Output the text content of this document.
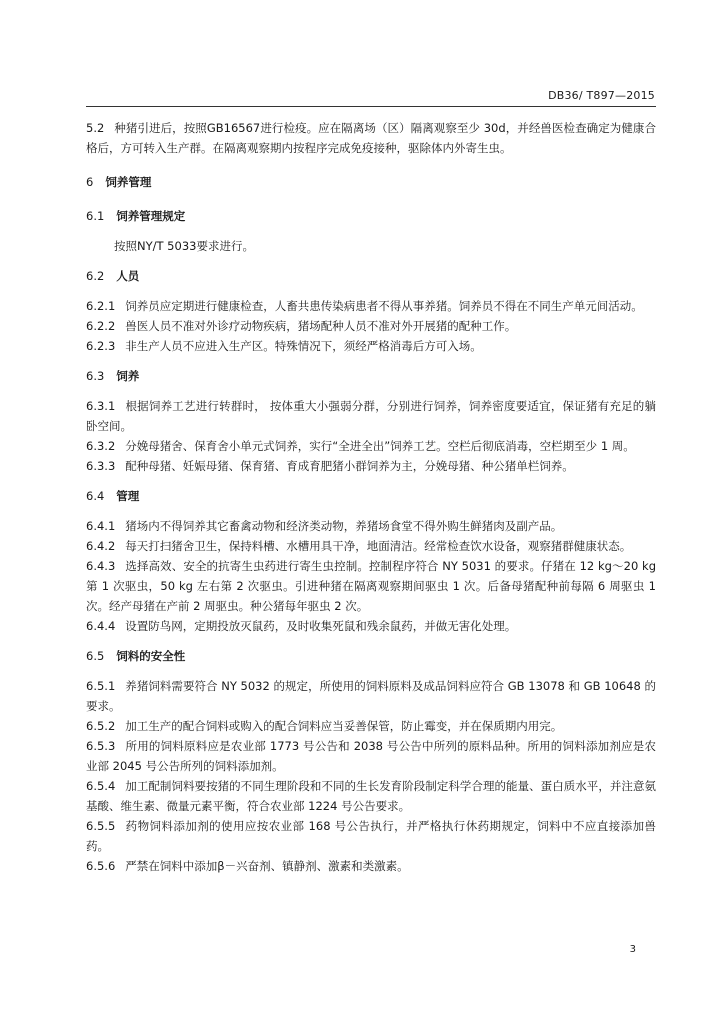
DB36/ T897—2015

5.2 种猪引进后，按照GB16567进行检疫。应在隔离场（区）隔离观察至少 30d，并经兽医检查确定为健康合格后，方可转入生产群。在隔离观察期内按程序完成免疫接种，驱除体内外寄生虫。

6 饲养管理

6.1 饲养管理规定

按照NY/T 5033要求进行。

6.2 人员

6.2.1 饲养员应定期进行健康检查，人畜共患传染病患者不得从事养猪。饲养员不得在不同生产单元间活动。

6.2.2 兽医人员不准对外诊疗动物疾病，猪场配种人员不准对外开展猪的配种工作。

6.2.3 非生产人员不应进入生产区。特殊情况下，须经严格消毒后方可入场。

6.3 饲养

6.3.1 根据饲养工艺进行转群时， 按体重大小强弱分群，分别进行饲养，饲养密度要适宜，保证猪有充足的躺卧空间。

6.3.2 分娩母猪舍、保育舍小单元式饲养，实行“全进全出”饲养工艺。空栏后彻底消毒，空栏期至少 1 周。

6.3.3 配种母猪、妊娠母猪、保育猪、育成育肥猪小群饲养为主，分娩母猪、种公猪单栏饲养。

6.4 管理

6.4.1 猪场内不得饲养其它畜禽动物和经济类动物，养猪场食堂不得外购生鲜猪肉及副产品。

6.4.2 每天打扫猪舍卫生，保持料槽、水槽用具干净，地面清洁。经常检查饮水设备，观察猪群健康状态。

6.4.3 选择高效、安全的抗寄生虫药进行寄生虫控制。控制程序符合 NY 5031 的要求。仔猪在 12 kg～20 kg 第 1 次驱虫，50 kg 左右第 2 次驱虫。引进种猪在隔离观察期间驱虫 1 次。后备母猪配种前每隔 6 周驱虫 1 次。经产母猪在产前 2 周驱虫。种公猪每年驱虫 2 次。

6.4.4 设置防鸟网，定期投放灭鼠药，及时收集死鼠和残余鼠药，并做无害化处理。

6.5 饲料的安全性

6.5.1 养猪饲料需要符合 NY 5032 的规定，所使用的饲料原料及成品饲料应符合 GB 13078 和 GB 10648 的要求。

6.5.2 加工生产的配合饲料或购入的配合饲料应当妥善保管，防止霉变，并在保质期内用完。

6.5.3 所用的饲料原料应是农业部 1773 号公告和 2038 号公告中所列的原料品种。所用的饲料添加剂应是农业部 2045 号公告所列的饲料添加剂。

6.5.4 加工配制饲料要按猪的不同生理阶段和不同的生长发育阶段制定科学合理的能量、蛋白质水平，并注意氨基酸、维生素、微量元素平衡，符合农业部 1224 号公告要求。

6.5.5 药物饲料添加剂的使用应按农业部 168 号公告执行，并严格执行休药期规定，饲料中不应直接添加兽药。

6.5.6 严禁在饲料中添加β－兴奋剂、镇静剂、激素和类激素。

3
